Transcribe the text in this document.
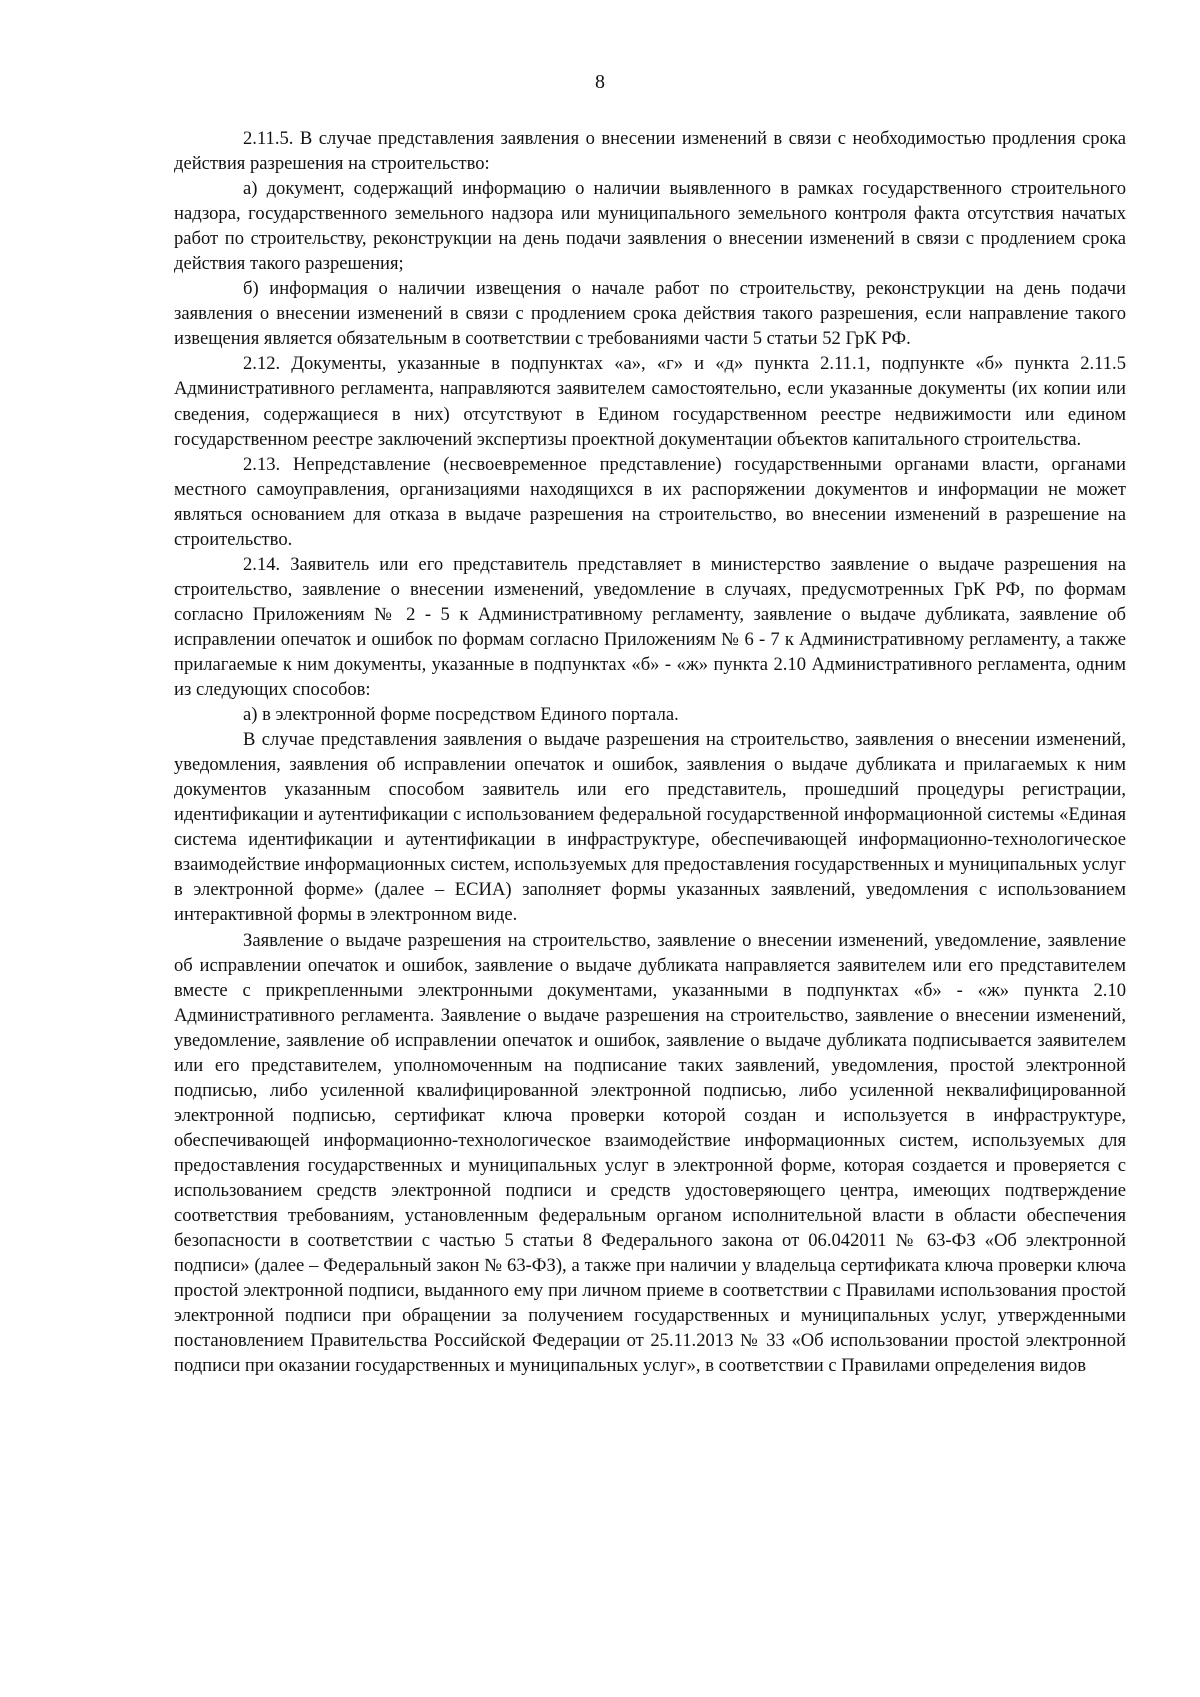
8

2.11.5. В случае представления заявления о внесении изменений в связи с необходимостью продления срока действия разрешения на строительство:

а) документ, содержащий информацию о наличии выявленного в рамках государственного строительного надзора, государственного земельного надзора или муниципального земельного контроля факта отсутствия начатых работ по строительству, реконструкции на день подачи заявления о внесении изменений в связи с продлением срока действия такого разрешения;

б) информация о наличии извещения о начале работ по строительству, реконструкции на день подачи заявления о внесении изменений в связи с продлением срока действия такого разрешения, если направление такого извещения является обязательным в соответствии с требованиями части 5 статьи 52 ГрК РФ.

2.12. Документы, указанные в подпунктах «а», «г» и «д» пункта 2.11.1, подпункте «б» пункта 2.11.5 Административного регламента, направляются заявителем самостоятельно, если указанные документы (их копии или сведения, содержащиеся в них) отсутствуют в Едином государственном реестре недвижимости или едином государственном реестре заключений экспертизы проектной документации объектов капитального строительства.

2.13. Непредставление (несвоевременное представление) государственными органами власти, органами местного самоуправления, организациями находящихся в их распоряжении документов и информации не может являться основанием для отказа в выдаче разрешения на строительство, во внесении изменений в разрешение на строительство.

2.14. Заявитель или его представитель представляет в министерство заявление о выдаче разрешения на строительство, заявление о внесении изменений, уведомление в случаях, предусмотренных ГрК РФ, по формам согласно Приложениям № 2 - 5 к Административному регламенту, заявление о выдаче дубликата, заявление об исправлении опечаток и ошибок по формам согласно Приложениям № 6 - 7 к Административному регламенту, а также прилагаемые к ним документы, указанные в подпунктах «б» - «ж» пункта 2.10 Административного регламента, одним из следующих способов:

а) в электронной форме посредством Единого портала.

В случае представления заявления о выдаче разрешения на строительство, заявления о внесении изменений, уведомления, заявления об исправлении опечаток и ошибок, заявления о выдаче дубликата и прилагаемых к ним документов указанным способом заявитель или его представитель, прошедший процедуры регистрации, идентификации и аутентификации с использованием федеральной государственной информационной системы «Единая система идентификации и аутентификации в инфраструктуре, обеспечивающей информационно-технологическое взаимодействие информационных систем, используемых для предоставления государственных и муниципальных услуг в электронной форме» (далее – ЕСИА) заполняет формы указанных заявлений, уведомления с использованием интерактивной формы в электронном виде.

Заявление о выдаче разрешения на строительство, заявление о внесении изменений, уведомление, заявление об исправлении опечаток и ошибок, заявление о выдаче дубликата направляется заявителем или его представителем вместе с прикрепленными электронными документами, указанными в подпунктах «б» - «ж» пункта 2.10 Административного регламента. Заявление о выдаче разрешения на строительство, заявление о внесении изменений, уведомление, заявление об исправлении опечаток и ошибок, заявление о выдаче дубликата подписывается заявителем или его представителем, уполномоченным на подписание таких заявлений, уведомления, простой электронной подписью, либо усиленной квалифицированной электронной подписью, либо усиленной неквалифицированной электронной подписью, сертификат ключа проверки которой создан и используется в инфраструктуре, обеспечивающей информационно-технологическое взаимодействие информационных систем, используемых для предоставления государственных и муниципальных услуг в электронной форме, которая создается и проверяется с использованием средств электронной подписи и средств удостоверяющего центра, имеющих подтверждение соответствия требованиям, установленным федеральным органом исполнительной власти в области обеспечения безопасности в соответствии с частью 5 статьи 8 Федерального закона от 06.042011 № 63-ФЗ «Об электронной подписи» (далее – Федеральный закон № 63-ФЗ), а также при наличии у владельца сертификата ключа проверки ключа простой электронной подписи, выданного ему при личном приеме в соответствии с Правилами использования простой электронной подписи при обращении за получением государственных и муниципальных услуг, утвержденными постановлением Правительства Российской Федерации от 25.11.2013 № 33 «Об использовании простой электронной подписи при оказании государственных и муниципальных услуг», в соответствии с Правилами определения видов
